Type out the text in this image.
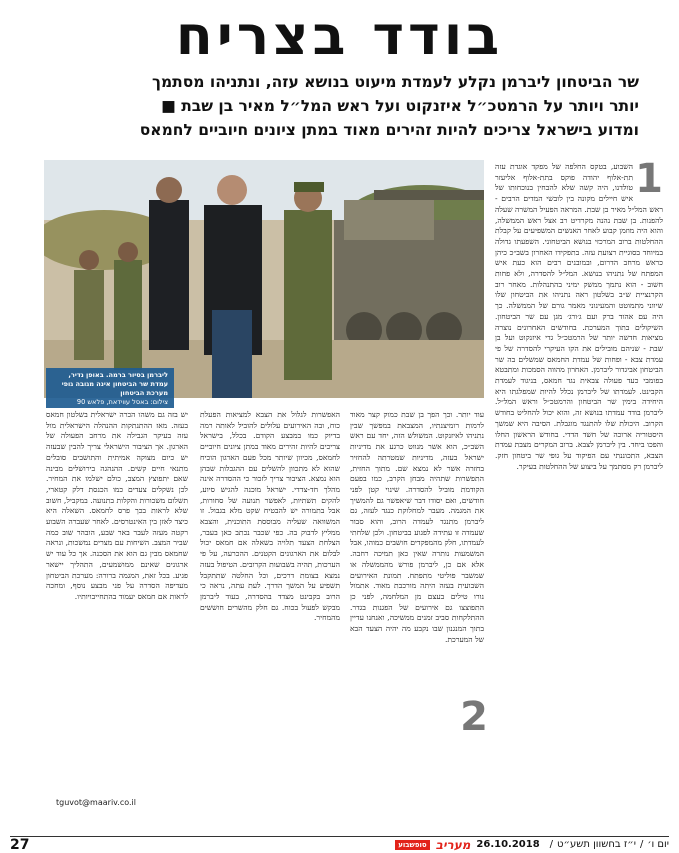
בודד בצריח
שר הביטחון ליברמן נקלע לעמדת מיעוט בנושא עזה, ונתניהו מסתמך
יותר ויותר על הרמטכ״ל איזנקוט ועל ראש המל״ל מאיר בן שבת ■
ומדוע בישראל צריכים להיות זהירים מאוד במתן ציונים חיוביים לחמאס
ליברמן בסיור ברמה. באופן נדיר, עמדת שר הביטחון אינה מגובה גופי מערכת הביטחון
צילום: באסל עווידאת, פלאש 90
1

השבוע, בטקס החלפה של מפקד אוגדת עזה תת-אלוף יהודה פוקס בתת-אלוף אליעזר טולדנו, היה קשה שלא להבחין בנוכחותו של איש חיילים מקונה בין לובשי המדים הרבים - ראש המל״ל מאיר בן שבת. המראה הפעיל המשרה שעלה להפנות. בן שבת נהנה מקרדיט רב אצל ראש הממשלה, והוא היה מוזמן קבוע לאחר האנשים המשפיעים על קבלת ההחלטות ברוב המרכזי בנושא הביטחוני. השפעתו גדולה במיוחד בסוגיית רצועת עזה. בתפקידו האחרון בשב״כ כיהן כראש מרחב הדרום, ובמובנים רבים הוא כעת איש המפתח של נתניהו בנושא. המל״ל להסדרה, ולא פחות חשוב - הוא נתמך ממשק ימיני בהתנהלות. מאחר רוב הקרנציית ש״ב בשלטון ראה נתניהו את הביטחון שלו שיווני מתמוטט והמעינוני מאמר גורם של הממשלה. כך היה עם אהוד ברק ועם ג׳ורג׳ מגן עם שר הביטחון. השיקולים בתוך המערכת. בחודשים האחרונים נוצרה מציאות חדשה יותר של הרמטכ״ל גדי איזנקוט ועל בן שבת - שניהם מובילים את הקו העיקרי להסדרה של פי עמדת צבא - ופחות של עמדת החמאס שמשלים בה שר הביטחון אביגדור ליברמן. האחרון מהווה הסמכות ומתבטא בפומבי כעד פעולה צבאית נגד חמאס, בניגוד לעמדת הקבינט. לעמדתו של ליברמן נכלל להיות שמפלגתו היא היחידה בימין שר הביטחון והרמטכ״ל וראש המל״ל. ליברמן בודד עמדתו בנושא זה, והוא יכול להחליט בחודש הקרוב. היכולת שלו להתנגד מוגבלת. הסיבה היא שמשך היסטוריה ארוכה של חשד הדדי. בחודש הראשון החלו והפכו ביחד. בין ליברמן לצבא. ברוב המקרים מצבת עמדת הצבא, התכוננתי עם הפיקוד על גופי שר ביטחון חזק. ליברמן רק מסתמך על ביצוע של ההחלטות בעיקר.

עוד יותר. וכך הפך בן שבת כמוק קצר מאוד לרמות רומיצנתיו, המצבאת במפשך שבין נתניהו לאיזנקוט. המשולש הזה, יחד עם ראש השב״כ, הוא אשר מנווט כרגע את מדיניות ישראל בעזה, מדיניות שמטרתה להחזיר בחזרה אשר לא נמצא שם. מתוך החזית, התפשרות שתהיה מבחן הקרב, כמו בפעם הקודמת מוביל להסדרה. שינוי קטן לפני חודשים, ואם יסודו דבר שיאפשר גם להמשיך את המגמה. מעבר למחלוקת כנגד לעזה, גם ליברמן מתנגד לעמדה הרוב, והוא סבור שעמדה זו עתידה לפגוע בביטחון. ולכן שלחתי לעמדתו, חלק מהמפקדים חושבים כמוהו, אבל המשמעות נותרה שאין כאן תמיכה רחבה. אלא אם כן, ליברמן פורש מהממשלה או שמשבר פוליטי מתפתח. תמונת האירועים השבועית בעזה היתה מורכבת מאוד. אתמול נורו טילים בעצם מן המלחמה, לפני כן התפוצצו גם אירועים של הפגנות בגדר. ההתלקחות סביב זמנים ממשיכה, ואנחנו עדיין בתוך המנגנון שבו נקבע מה יהיה הצעד הבא של המערכת.

האפשרות לגלול את הצבא למציאות הפעלת כוח, ובה האירועים עלולים להוביל לאותה רמה בדיוק כמו במבצע הקודם. בכלל, בישראל צריכים להיות זהירים מאוד במתן ציונים חיוביים לחמאס, מכיוון שיותר מכל פעם הארגון הוכיח שהוא לא מתכוון להשלים עם ההגבלות שבהן הוא נמצא. הציבור צריך לזכור כי ההסדרה אינה מהלך חד-צדדי. ישראל מוכנה להגיש סיוע, להקים תשתיות, לאפשר תנועה של סחורות, אבל בתמורה יש להבטיח שקט מלא בגבול. זו המשוואה שעליה מבוססת התוכנית, והצבא ממליץ לדבוק בה. כפי שכבר נכתב כאן בעבר, הצלחת הצעד תלויה בשאלה אם חמאס יכול לבלום את הארגונים הקטנים. ההכרעה, על פי הערכות, תהיה בשבועות הקרובים. הטיפול בעזה נמצא בצומת דרכים, וכל החלטה שתתקבל תשפיע על המשך הדרך. לעת עתה, נראה כי הרוב בקבינט מצדד בהסדרה, בעוד ליברמן מבקש לפעול בכוח. גם חלק מהשרים חוששים מהמחיר.

יש בזה גם משהו הכרה ישראלית בשלטון חמאס בעזה. מאז ההתנתקות ההנהלה הישראלית מול עזה בעיקר הגבילה את מרחב הפעולה של הארגון. אך הציבור הישראלי צריך להבין שבעזה יש כיום מצוקה אמיתית והתושבים סובלים מתנאי חיים קשים. ההנהגה בירושלים מבינה שאם יתפוצץ המצב, כולם ישלמו את המחיר. לכן נשקלים צעדים כמו הכנסת דלק קטארי, תשלום משכורות והקלות בתנועה. במקביל, חשוב שלא לראות בכך פרס לחמאס. השאלה היא כיצד לאזן בין האינטרסים. לאחר שעברה השבוע רקטה מעזה לעבר באר שבע, הובהר שוב כמה שביר המצב. השיחות עם מצרים נמשכות, ונראה שחמאס מבין גם הוא את הסכנה. אך כל עוד יש ארגונים שאינם ממושמעים, התהליך יישאר פגיע. בכל זאת, המגמה ברורה: מערכת הביטחון מעדיפה הסדרה על פני מבצע נוסף, ומחכה לראות אם חמאס יעמוד בהתחייבויותיו.

2
tguvot@maariv.co.il
יום ו׳
/
י״ז בחשוון תשע״ט
/
26.10.2018
מעריב
סופשבוע
27
